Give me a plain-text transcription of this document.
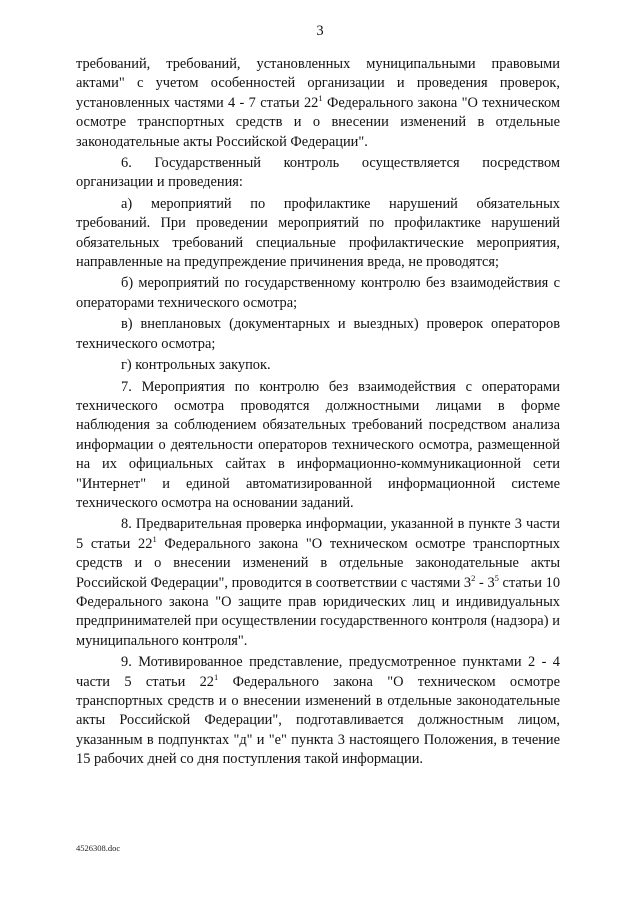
3

требований, требований, установленных муниципальными правовыми актами" с учетом особенностей организации и проведения проверок, установленных частями 4 - 7 статьи $22^1$ Федерального закона "О техническом осмотре транспортных средств и о внесении изменений в отдельные законодательные акты Российской Федерации".

6. Государственный контроль осуществляется посредством организации и проведения:

а) мероприятий по профилактике нарушений обязательных требований. При проведении мероприятий по профилактике нарушений обязательных требований специальные профилактические мероприятия, направленные на предупреждение причинения вреда, не проводятся;

б) мероприятий по государственному контролю без взаимодействия с операторами технического осмотра;

в) внеплановых (документарных и выездных) проверок операторов технического осмотра;

г) контрольных закупок.

7. Мероприятия по контролю без взаимодействия с операторами технического осмотра проводятся должностными лицами в форме наблюдения за соблюдением обязательных требований посредством анализа информации о деятельности операторов технического осмотра, размещенной на их официальных сайтах в информационно-коммуникационной сети "Интернет" и единой автоматизированной информационной системе технического осмотра на основании заданий.

8. Предварительная проверка информации, указанной в пункте 3 части 5 статьи $22^1$ Федерального закона "О техническом осмотре транспортных средств и о внесении изменений в отдельные законодательные акты Российской Федерации", проводится в соответствии с частями $3^2 - 3^5$ статьи 10 Федерального закона "О защите прав юридических лиц и индивидуальных предпринимателей при осуществлении государственного контроля (надзора) и муниципального контроля".

9. Мотивированное представление, предусмотренное пунктами 2 - 4 части 5 статьи $22^1$ Федерального закона "О техническом осмотре транспортных средств и о внесении изменений в отдельные законодательные акты Российской Федерации", подготавливается должностным лицом, указанным в подпунктах "д" и "е" пункта 3 настоящего Положения, в течение 15 рабочих дней со дня поступления такой информации.

4526308.doc
